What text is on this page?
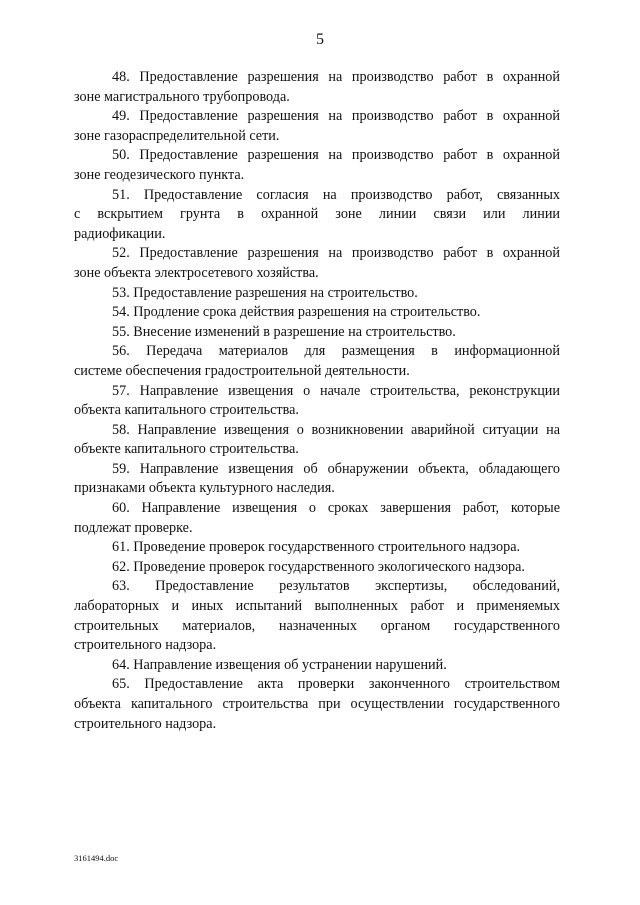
5

48. Предоставление разрешения на производство работ в охранной
зоне магистрального трубопровода.

49. Предоставление разрешения на производство работ в охранной
зоне газораспределительной сети.

50. Предоставление разрешения на производство работ в охранной
зоне геодезического пункта.

51. Предоставление согласия на производство работ, связанных
с вскрытием грунта в охранной зоне линии связи или линии
радиофикации.

52. Предоставление разрешения на производство работ в охранной
зоне объекта электросетевого хозяйства.

53. Предоставление разрешения на строительство.

54. Продление срока действия разрешения на строительство.

55. Внесение изменений в разрешение на строительство.

56. Передача материалов для размещения в информационной
системе обеспечения градостроительной деятельности.

57. Направление извещения о начале строительства, реконструкции
объекта капитального строительства.

58. Направление извещения о возникновении аварийной ситуации на
объекте капитального строительства.

59. Направление извещения об обнаружении объекта, обладающего
признаками объекта культурного наследия.

60. Направление извещения о сроках завершения работ, которые
подлежат проверке.

61. Проведение проверок государственного строительного надзора.

62. Проведение проверок государственного экологического надзора.

63. Предоставление результатов экспертизы, обследований,
лабораторных и иных испытаний выполненных работ и применяемых
строительных материалов, назначенных органом государственного
строительного надзора.

64. Направление извещения об устранении нарушений.

65. Предоставление акта проверки законченного строительством
объекта капитального строительства при осуществлении государственного
строительного надзора.

3161494.doc
